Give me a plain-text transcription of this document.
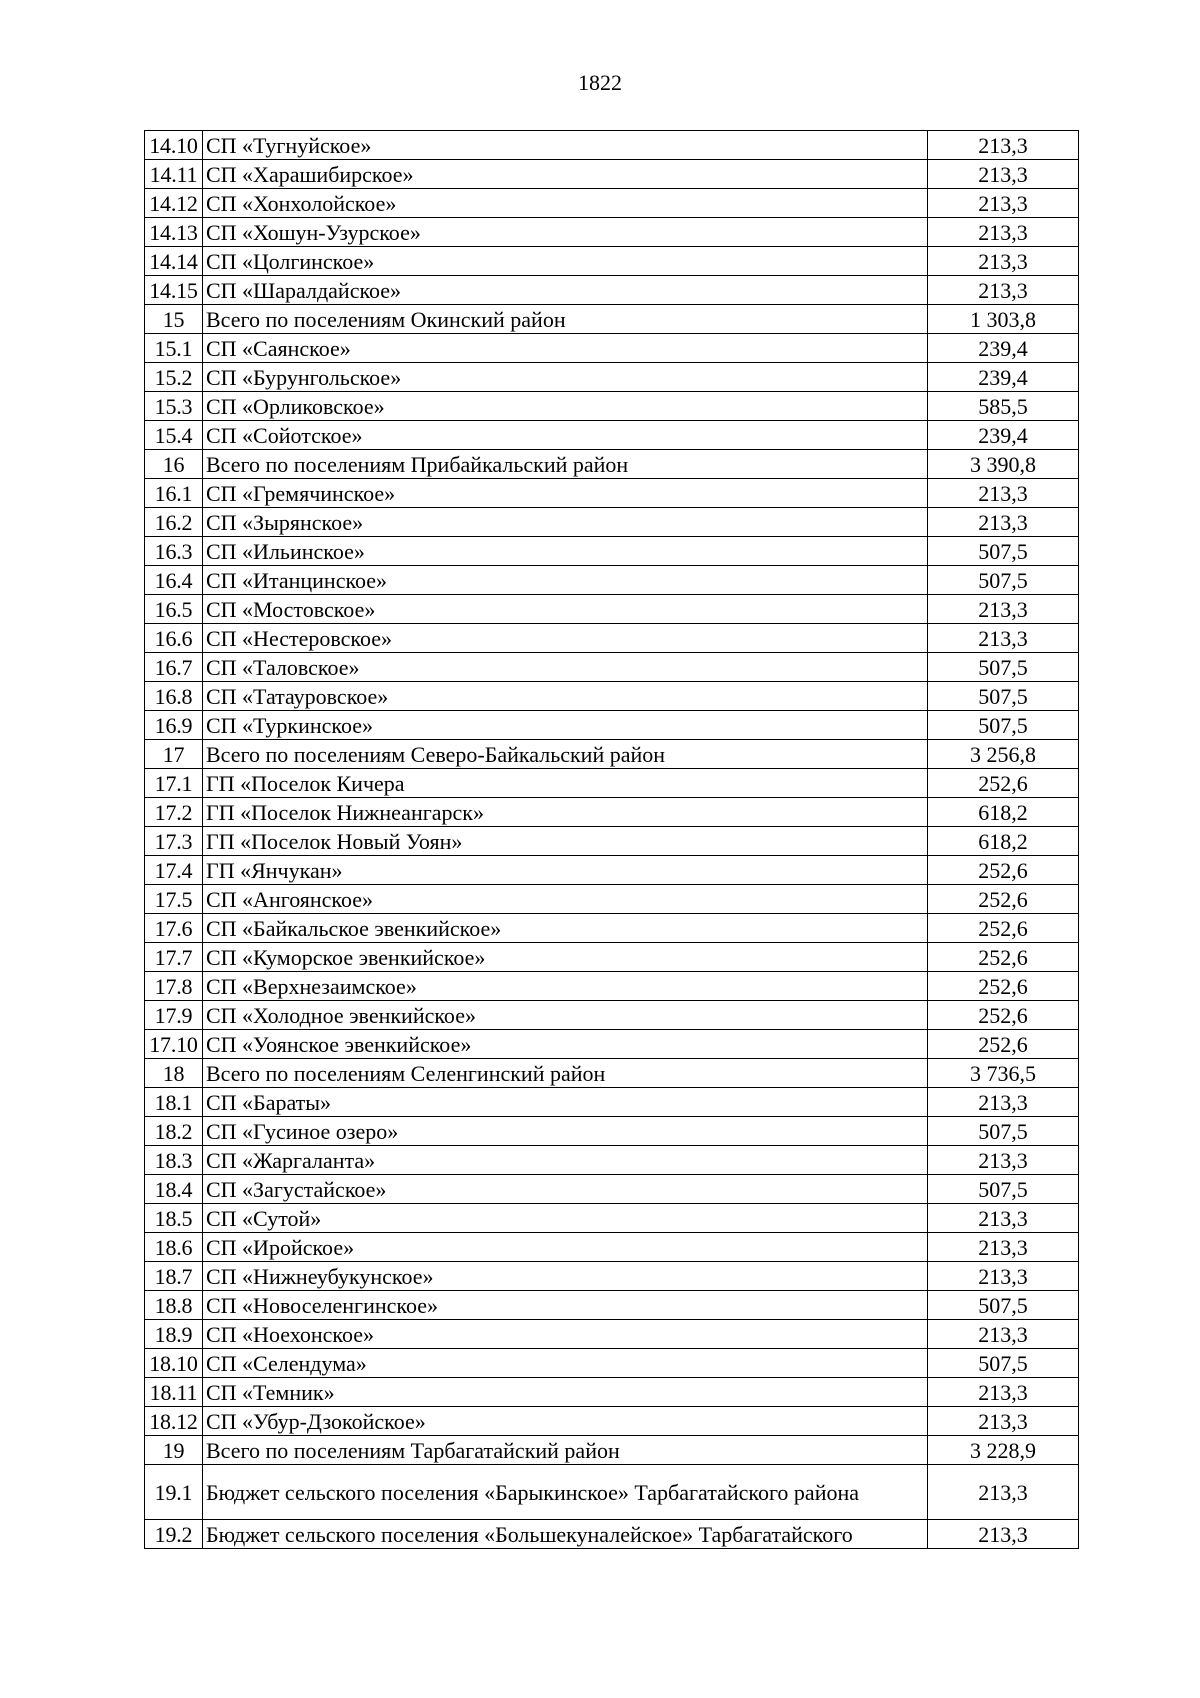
1822
14.10	СП «Тугнуйское»	213,3
14.11	СП «Харашибирское»	213,3
14.12	СП «Хонхолойское»	213,3
14.13	СП «Хошун-Узурское»	213,3
14.14	СП «Цолгинское»	213,3
14.15	СП «Шаралдайское»	213,3
15	Всего по поселениям Окинский район	1 303,8
15.1	СП «Саянское»	239,4
15.2	СП «Бурунгольское»	239,4
15.3	СП «Орликовское»	585,5
15.4	СП «Сойотское»	239,4
16	Всего по поселениям Прибайкальский район	3 390,8
16.1	СП «Гремячинское»	213,3
16.2	СП «Зырянское»	213,3
16.3	СП «Ильинское»	507,5
16.4	СП «Итанцинское»	507,5
16.5	СП «Мостовское»	213,3
16.6	СП «Нестеровское»	213,3
16.7	СП «Таловское»	507,5
16.8	СП «Татауровское»	507,5
16.9	СП «Туркинское»	507,5
17	Всего по поселениям Северо-Байкальский район	3 256,8
17.1	ГП «Поселок Кичера	252,6
17.2	ГП «Поселок Нижнеангарск»	618,2
17.3	ГП «Поселок Новый Уоян»	618,2
17.4	ГП «Янчукан»	252,6
17.5	СП «Ангоянское»	252,6
17.6	СП «Байкальское эвенкийское»	252,6
17.7	СП «Куморское эвенкийское»	252,6
17.8	СП «Верхнезаимское»	252,6
17.9	СП «Холодное эвенкийское»	252,6
17.10	СП «Уоянское эвенкийское»	252,6
18	Всего по поселениям Селенгинский район	3 736,5
18.1	СП «Бараты»	213,3
18.2	СП «Гусиное озеро»	507,5
18.3	СП «Жаргаланта»	213,3
18.4	СП «Загустайское»	507,5
18.5	СП «Сутой»	213,3
18.6	СП «Иройское»	213,3
18.7	СП «Нижнеубукунское»	213,3
18.8	СП «Новоселенгинское»	507,5
18.9	СП «Ноехонское»	213,3
18.10	СП «Селендума»	507,5
18.11	СП «Темник»	213,3
18.12	СП «Убур-Дзокойское»	213,3
19	Всего по поселениям Тарбагатайский район	3 228,9
19.1	Бюджет сельского поселения «Барыкинское» Тарбагатайского района	213,3
19.2	Бюджет сельского поселения «Большекуналейское» Тарбагатайского	213,3
